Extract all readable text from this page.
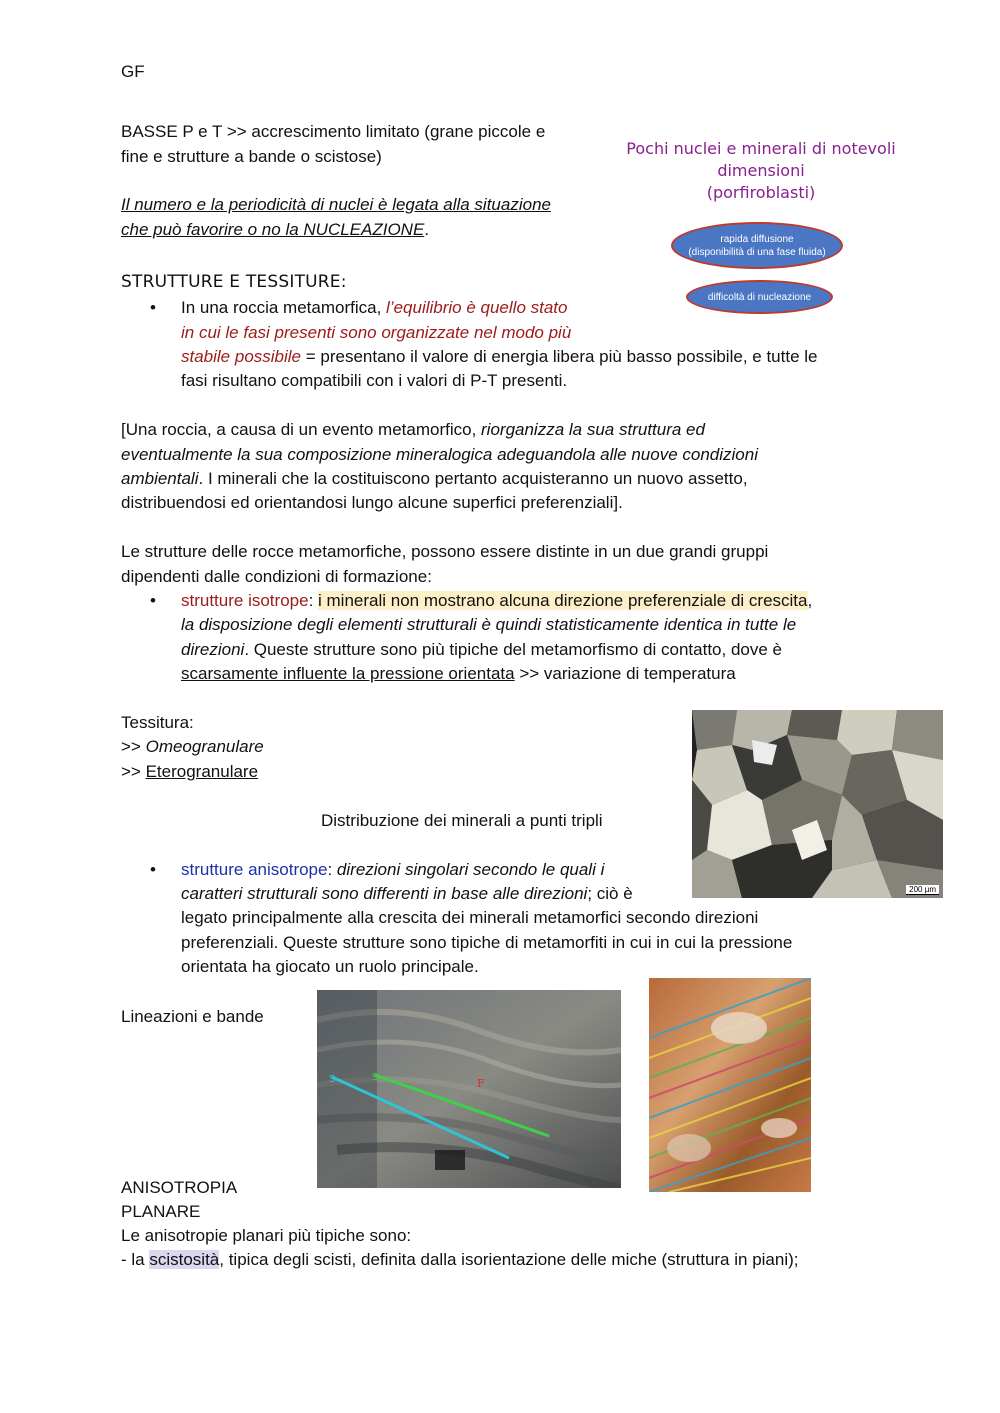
GF
BASSE P e T >> accrescimento limitato (grane piccole e
fine e strutture a bande o scistose)
Il numero e la periodicità di nuclei è legata alla situazione
che può favorire o no la NUCLEAZIONE.
Pochi nuclei e minerali di notevoli
dimensioni
(porfiroblasti)
rapida diffusione
(disponibilità di una fase fluida)
difficoltà di nucleazione
STRUTTURE E TESSITURE:
• In una roccia metamorfica, l’equilibrio è quello stato
in cui le fasi presenti sono organizzate nel modo più
stabile possibile = presentano il valore di energia libera più basso possibile, e tutte le
fasi risultano compatibili con i valori di P-T presenti.
[Una roccia, a causa di un evento metamorfico, riorganizza la sua struttura ed
eventualmente la sua composizione mineralogica adeguandola alle nuove condizioni
ambientali. I minerali che la costituiscono pertanto acquisteranno un nuovo assetto,
distribuendosi ed orientandosi lungo alcune superfici preferenziali].
Le strutture delle rocce metamorfiche, possono essere distinte in un due grandi gruppi
dipendenti dalle condizioni di formazione:
• strutture isotrope: i minerali non mostrano alcuna direzione preferenziale di crescita,
la disposizione degli elementi strutturali è quindi statisticamente identica in tutte le
direzioni. Queste strutture sono più tipiche del metamorfismo di contatto, dove è
scarsamente influente la pressione orientata >> variazione di temperatura
Tessitura:
>> Omeogranulare
>> Eterogranulare
Distribuzione dei minerali a punti tripli
200 µm
• strutture anisotrope: direzioni singolari secondo le quali i
caratteri strutturali sono differenti in base alle direzioni; ciò è
legato principalmente alla crescita dei minerali metamorfici secondo direzioni
preferenziali. Queste strutture sono tipiche di metamorfiti in cui in cui la pressione
orientata ha giocato un ruolo principale.
Lineazioni e bande
S	S	F
ANISOTROPIA
PLANARE
Le anisotropie planari più tipiche sono:
- la scistosità, tipica degli scisti, definita dalla isorientazione delle miche (struttura in piani);
